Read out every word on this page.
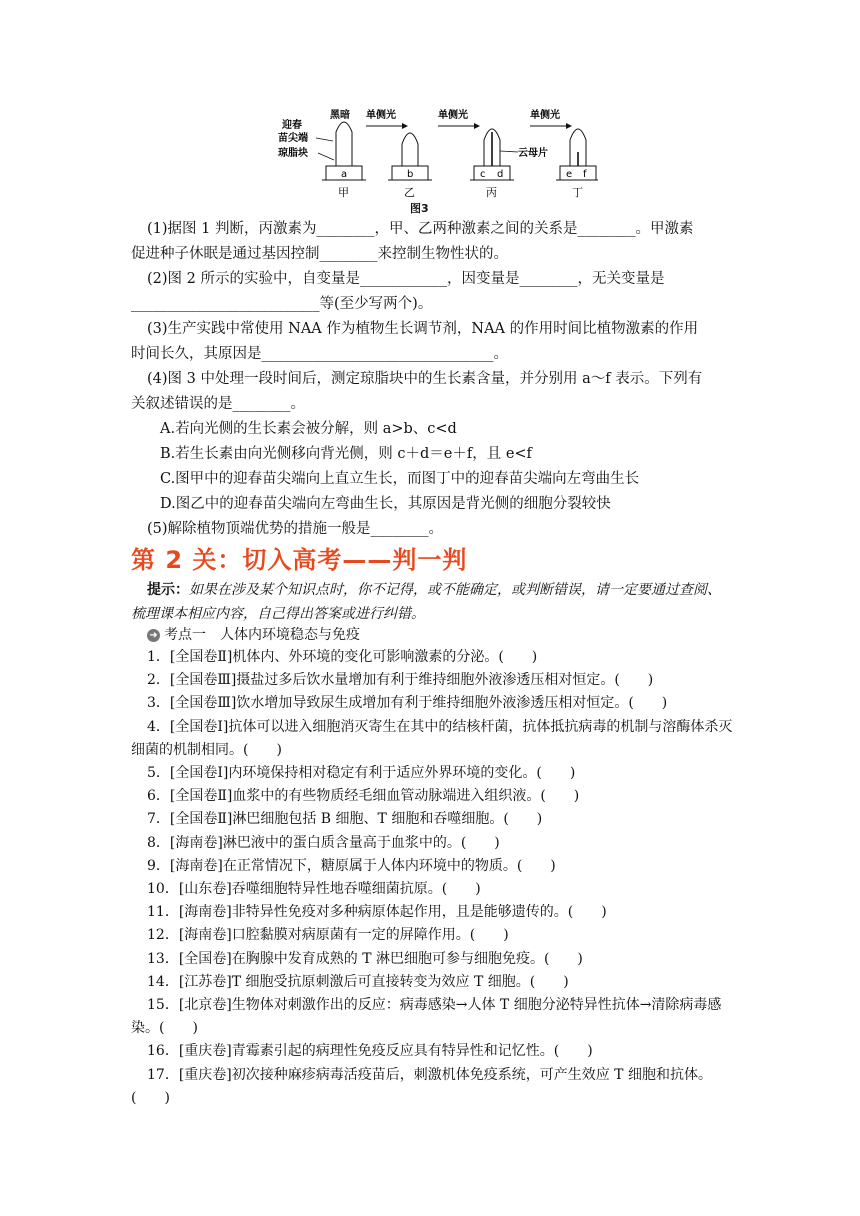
迎春
苗尖端
琼脂块
黑暗
a
甲
单侧光
b
乙
单侧光
c d
丙
云母片
单侧光
e f
丁
图3
(1)据图 1 判断，丙激素为________，甲、乙两种激素之间的关系是________。甲激素
促进种子休眠是通过基因控制________来控制生物性状的。
(2)图 2 所示的实验中，自变量是____________，因变量是________，无关变量是
__________________________等(至少写两个)。
(3)生产实践中常使用 NAA 作为植物生长调节剂，NAA 的作用时间比植物激素的作用
时间长久，其原因是________________________________。
(4)图 3 中处理一段时间后，测定琼脂块中的生长素含量，并分别用 a～f 表示。下列有
关叙述错误的是________。
A.若向光侧的生长素会被分解，则 a>b、c<d
B.若生长素由向光侧移向背光侧，则 c＋d＝e＋f，且 e<f
C.图甲中的迎春苗尖端向上直立生长，而图丁中的迎春苗尖端向左弯曲生长
D.图乙中的迎春苗尖端向左弯曲生长，其原因是背光侧的细胞分裂较快
(5)解除植物顶端优势的措施一般是________。
第 2 关：切入高考——判一判
提示：如果在涉及某个知识点时，你不记得，或不能确定，或判断错误，请一定要通过查阅、梳理课本相应内容，自己得出答案或进行纠错。
➜ 考点一　人体内环境稳态与免疫
1．[全国卷Ⅱ]机体内、外环境的变化可影响激素的分泌。(　　)
2．[全国卷Ⅲ]摄盐过多后饮水量增加有利于维持细胞外液渗透压相对恒定。(　　)
3．[全国卷Ⅲ]饮水增加导致尿生成增加有利于维持细胞外液渗透压相对恒定。(　　)
4．[全国卷Ⅰ]抗体可以进入细胞消灭寄生在其中的结核杆菌，抗体抵抗病毒的机制与溶酶体杀灭细菌的机制相同。(　　)
5．[全国卷Ⅰ]内环境保持相对稳定有利于适应外界环境的变化。(　　)
6．[全国卷Ⅱ]血浆中的有些物质经毛细血管动脉端进入组织液。(　　)
7．[全国卷Ⅱ]淋巴细胞包括 B 细胞、T 细胞和吞噬细胞。(　　)
8．[海南卷]淋巴液中的蛋白质含量高于血浆中的。(　　)
9．[海南卷]在正常情况下，糖原属于人体内环境中的物质。(　　)
10．[山东卷]吞噬细胞特异性地吞噬细菌抗原。(　　)
11．[海南卷]非特异性免疫对多种病原体起作用，且是能够遗传的。(　　)
12．[海南卷]口腔黏膜对病原菌有一定的屏障作用。(　　)
13．[全国卷]在胸腺中发育成熟的 T 淋巴细胞可参与细胞免疫。(　　)
14．[江苏卷]T 细胞受抗原刺激后可直接转变为效应 T 细胞。(　　)
15．[北京卷]生物体对刺激作出的反应：病毒感染→人体 T 细胞分泌特异性抗体→清除病毒感染。(　　)
16．[重庆卷]青霉素引起的病理性免疫反应具有特异性和记忆性。(　　)
17．[重庆卷]初次接种麻疹病毒活疫苗后，刺激机体免疫系统，可产生效应 T 细胞和抗体。(　　)
